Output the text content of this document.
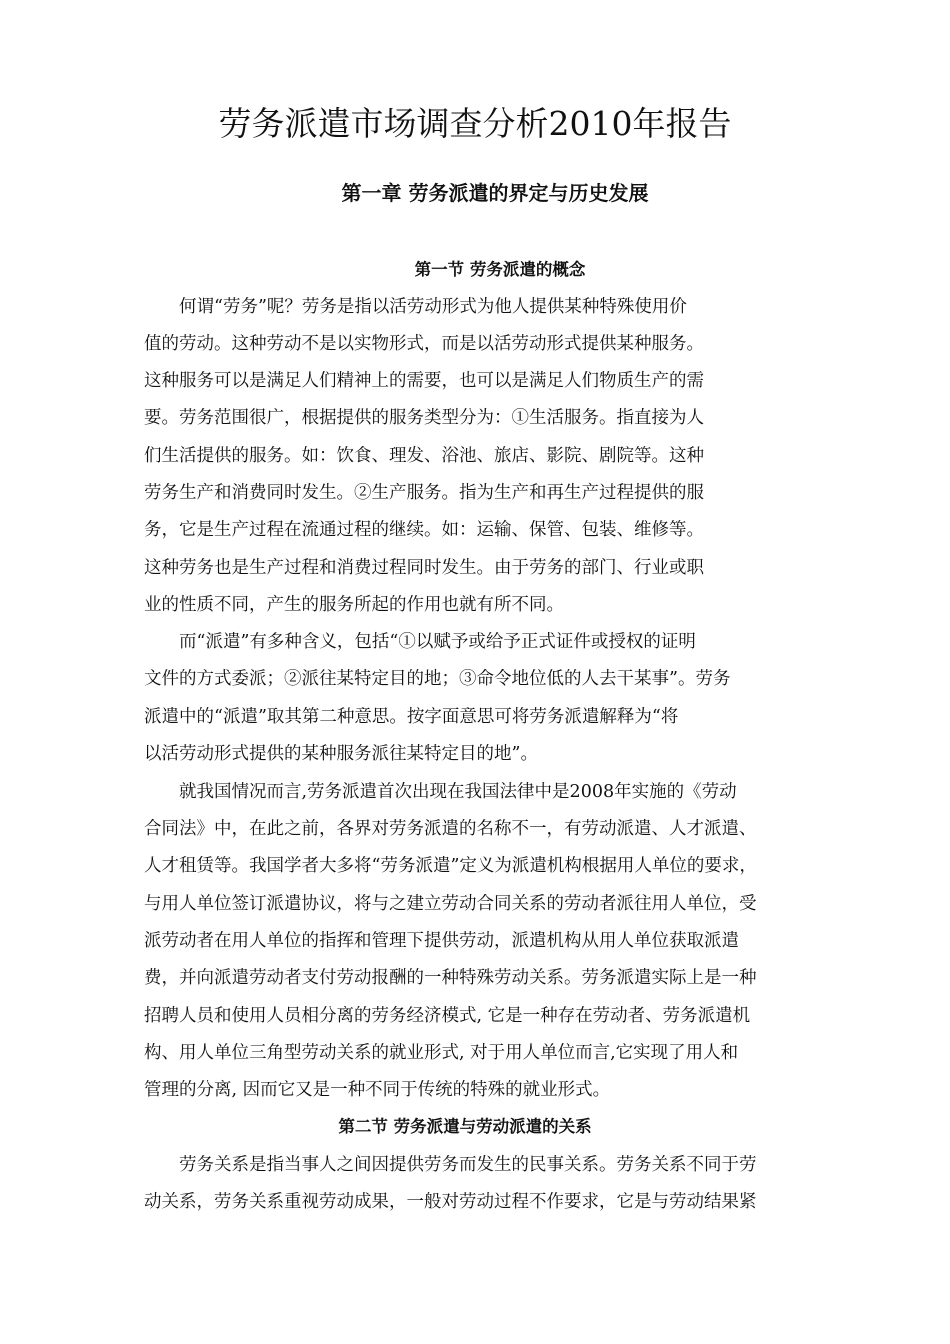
劳务派遣市场调查分析2010年报告
第一章 劳务派遣的界定与历史发展
第一节 劳务派遣的概念
　　何谓“劳务”呢？劳务是指以活劳动形式为他人提供某种特殊使用价
值的劳动。这种劳动不是以实物形式，而是以活劳动形式提供某种服务。
这种服务可以是满足人们精神上的需要，也可以是满足人们物质生产的需
要。劳务范围很广，根据提供的服务类型分为：①生活服务。指直接为人
们生活提供的服务。如：饮食、理发、浴池、旅店、影院、剧院等。这种
劳务生产和消费同时发生。②生产服务。指为生产和再生产过程提供的服
务，它是生产过程在流通过程的继续。如：运输、保管、包装、维修等。
这种劳务也是生产过程和消费过程同时发生。由于劳务的部门、行业或职
业的性质不同，产生的服务所起的作用也就有所不同。
　　而“派遣”有多种含义，包括“①以赋予或给予正式证件或授权的证明
文件的方式委派；②派往某特定目的地；③命令地位低的人去干某事”。劳务
派遣中的“派遣”取其第二种意思。按字面意思可将劳务派遣解释为“将
以活劳动形式提供的某种服务派往某特定目的地”。
　　就我国情况而言,劳务派遣首次出现在我国法律中是2008年实施的《劳动
合同法》中，在此之前，各界对劳务派遣的名称不一，有劳动派遣、人才派遣、
人才租赁等。我国学者大多将“劳务派遣”定义为派遣机构根据用人单位的要求，
与用人单位签订派遣协议，将与之建立劳动合同关系的劳动者派往用人单位，受
派劳动者在用人单位的指挥和管理下提供劳动，派遣机构从用人单位获取派遣
费，并向派遣劳动者支付劳动报酬的一种特殊劳动关系。劳务派遣实际上是一种
招聘人员和使用人员相分离的劳务经济模式, 它是一种存在劳动者、劳务派遣机
构、用人单位三角型劳动关系的就业形式, 对于用人单位而言,它实现了用人和
管理的分离, 因而它又是一种不同于传统的特殊的就业形式。
第二节 劳务派遣与劳动派遣的关系
　　劳务关系是指当事人之间因提供劳务而发生的民事关系。劳务关系不同于劳
动关系，劳务关系重视劳动成果，一般对劳动过程不作要求，它是与劳动结果紧
